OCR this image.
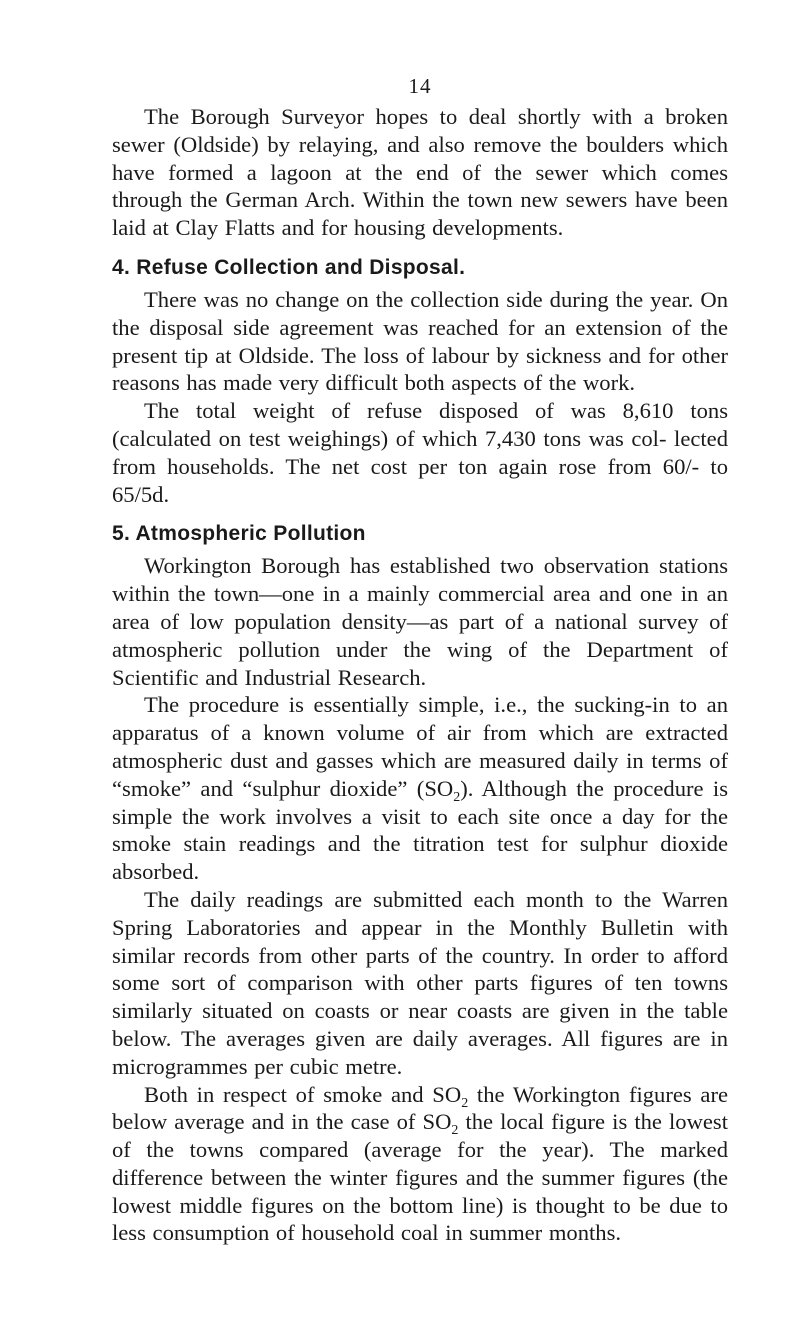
14

The Borough Surveyor hopes to deal shortly with a broken sewer (Oldside) by relaying, and also remove the boulders which have formed a lagoon at the end of the sewer which comes through the German Arch. Within the town new sewers have been laid at Clay Flatts and for housing developments.

4. Refuse Collection and Disposal.

There was no change on the collection side during the year. On the disposal side agreement was reached for an extension of the present tip at Oldside. The loss of labour by sickness and for other reasons has made very difficult both aspects of the work.

The total weight of refuse disposed of was 8,610 tons (calculated on test weighings) of which 7,430 tons was col- lected from households. The net cost per ton again rose from 60/- to 65/5d.

5. Atmospheric Pollution

Workington Borough has established two observation stations within the town—one in a mainly commercial area and one in an area of low population density—as part of a national survey of atmospheric pollution under the wing of the Department of Scientific and Industrial Research.

The procedure is essentially simple, i.e., the sucking-in to an apparatus of a known volume of air from which are extracted atmospheric dust and gasses which are measured daily in terms of “smoke” and “sulphur dioxide” $(SO_2)$. Although the procedure is simple the work involves a visit to each site once a day for the smoke stain readings and the titration test for sulphur dioxide absorbed.

The daily readings are submitted each month to the Warren Spring Laboratories and appear in the Monthly Bulletin with similar records from other parts of the country. In order to afford some sort of comparison with other parts figures of ten towns similarly situated on coasts or near coasts are given in the table below. The averages given are daily averages. All figures are in microgrammes per cubic metre.

Both in respect of smoke and $SO_2$ the Workington figures are below average and in the case of $SO_2$ the local figure is the lowest of the towns compared (average for the year). The marked difference between the winter figures and the summer figures (the lowest middle figures on the bottom line) is thought to be due to less consumption of household coal in summer months.
